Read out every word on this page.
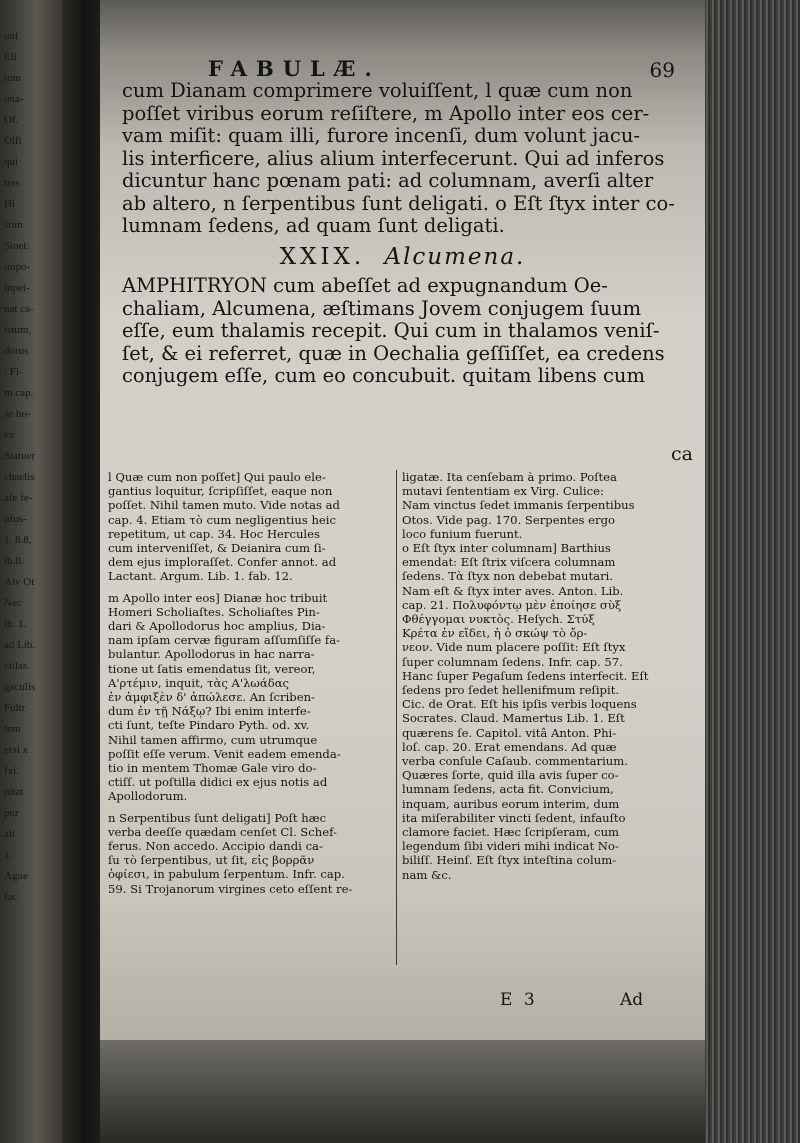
uni
Eli
tum
ona-
Of.
Oifi
qui
tres
Hi
stim
Sinet.
impo-
inpet-
nat ca-
istum,
dorus
; Fi-
m cap.
Je ho-
ex
Statuer
chaelis
afe fe-
ufus-
1. 8.8,
ib.ll.
Aiv Ot
Nec
ib. 1.
ad Lib.
ctilas.
gaculis
Fultr
tem
ersi x
Ixi.
pitat
pur
alt
1.
Ague
fac
FABULÆ.	69

cum Dianam comprimere voluiſſent, l quæ cum non

poſſet viribus eorum reſiſtere, m Apollo inter eos cer-

vam miſit: quam illi, furore incenſi, dum volunt jacu-

lis interficere, alius alium interfecerunt. Qui ad inferos

dicuntur hanc pœnam pati: ad columnam, averſi alter

ab altero, n ſerpentibus ſunt deligati. o Eſt ſtyx inter co-

lumnam ſedens, ad quam ſunt deligati.

XXIX. Alcumena.

AMPHITRYON cum abeſſet ad expugnandum Oe-

chaliam, Alcumena, æſtimans Jovem conjugem ſuum

eſſe, eum thalamis recepit. Qui cum in thalamos veniſ-

ſet, & ei referret, quæ in Oechalia geſſiſſet, ea credens

conjugem eſſe, cum eo concubuit. quitam libens cum

ca

l Quæ cum non poſſet] Qui paulo ele-

gantius loquitur, ſcripſiſſet, eaque non

poſſet. Nihil tamen muto. Vide notas ad

cap. 4. Etiam τὸ cum negligentius heic

repetitum, ut cap. 34. Hoc Hercules

cum interveniſſet, & Deianira cum ſi-

dem ejus imploraſſet. Confer annot. ad

Lactant. Argum. Lib. 1. fab. 12.

m Apollo inter eos] Dianæ hoc tribuit

Homeri Scholiaſtes. Scholiaſtes Pin-

dari & Apollodorus hoc amplius, Dia-

nam ipſam cervæ figuram aſſumſiſſe fa-

bulantur. Apollodorus in hac narra-

tione ut ſatis emendatus ſit, vereor,

Α'ρτέμιν, inquit, τὰς Α'λωάδας

ἐν ἀμφιξὲν δ' ἀπώλεσε. An ſcriben-

dum ἐν τῇ Νάξῳ? Ibi enim interfe-

cti ſunt, teſte Pindaro Pyth. od. xv.

Nihil tamen affirmo, cum utrumque

poſſit eſſe verum. Venit eadem emenda-

tio in mentem Thomæ Gale viro do-

ctiſſ. ut poſtilla didici ex ejus notis ad

Apollodorum.

n Serpentibus ſunt deligati] Poſt hæc

verba deeſſe quædam cenſet Cl. Schef-

ferus. Non accedo. Accipio dandi ca-

ſu τὸ ſerpentibus, ut ſit, εἰς βορρᾶν

ὀφίεσι, in pabulum ſerpentum. Infr. cap.

59. Si Trojanorum virgines ceto eſſent re-

ligatæ. Ita cenſebam à primo. Poſtea

mutavi ſententiam ex Virg. Culice:

Nam vinctus ſedet immanis ſerpentibus

Otos. Vide pag. 170. Serpentes ergo

loco funium fuerunt.

o Eſt ſtyx inter columnam] Barthius

emendat: Eſt ſtrix viſcera columnam

ſedens. Τὰ ſtyx non debebat mutari.

Nam eſt & ſtyx inter aves. Anton. Lib.

cap. 21. Πολυφόντῳ μὲν ἐποίησε σὺξ

Φθέγγομαι νυκτὸς. Heſych. Στύξ

Κρέτα ἐν εἴδει, ἡ ὁ σκώψ τὸ ὄρ-

νεον. Vide num placere poſſit: Eſt ſtyx

ſuper columnam ſedens. Infr. cap. 57.

Hanc ſuper Pegaſum ſedens interfecit. Eſt

ſedens pro ſedet hellenifmum reſipit.

Cic. de Orat. Eſt his ipſis verbis loquens

Socrates. Claud. Mamertus Lib. 1. Eſt

quærens ſe. Capitol. vitâ Anton. Phi-

loſ. cap. 20. Erat emendans. Ad quæ

verba conſule Caſaub. commentarium.

Quæres ſorte, quid illa avis ſuper co-

lumnam ſedens, acta fit. Convicium,

inquam, auribus eorum interim, dum

ita miſerabiliter vincti ſedent, infauſto

clamore faciet. Hæc ſcripſeram, cum

legendum ſibi videri mihi indicat No-

biliſſ. Heinſ. Eſt ſtyx inteſtina colum-

nam &c.

E 3	Ad
